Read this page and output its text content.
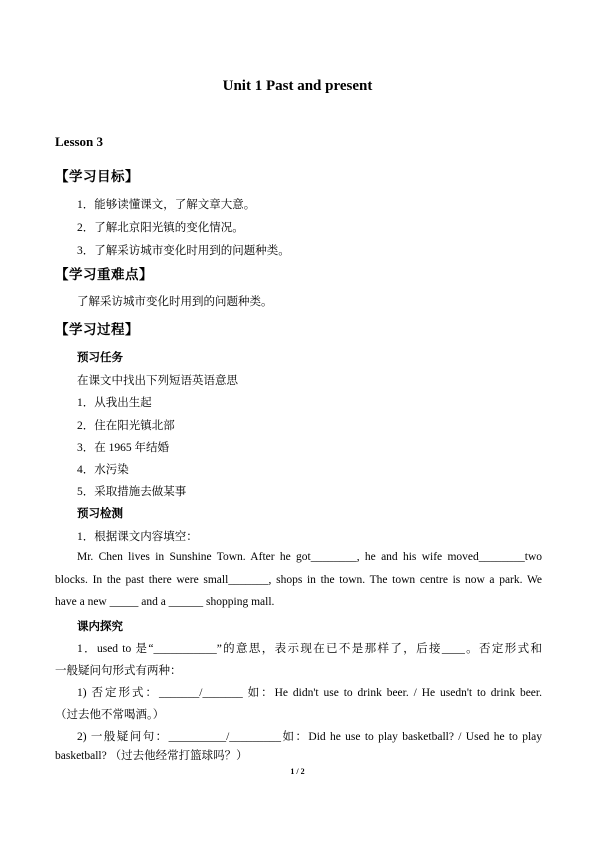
Unit 1 Past and present
Lesson 3
【学习目标】
1．能够读懂课文，了解文章大意。
2．了解北京阳光镇的变化情况。
3．了解采访城市变化时用到的问题种类。
【学习重难点】
了解采访城市变化时用到的问题种类。
【学习过程】
预习任务
在课文中找出下列短语英语意思
1．从我出生起
2．住在阳光镇北部
3．在 1965 年结婚
4．水污染
5．采取措施去做某事
预习检测
1．根据课文内容填空：
Mr. Chen lives in Sunshine Town. After he got________, he and his wife moved________two
blocks. In the past there were small_______, shops in the town. The town centre is now a park. We
have a new _____ and a ______ shopping mall.
课内探究
1．used to 是“___________”的意思，表示现在已不是那样了，后接____。否定形式和
一般疑问句形式有两种：
1) 否定形式：_______/_______ 如：He didn't use to drink beer. / He usedn't to drink beer.
（过去他不常喝酒。）
2) 一般疑问句：__________/_________如：Did he use to play basketball? / Used he to play
basketball? （过去他经常打篮球吗？）
1 / 2
